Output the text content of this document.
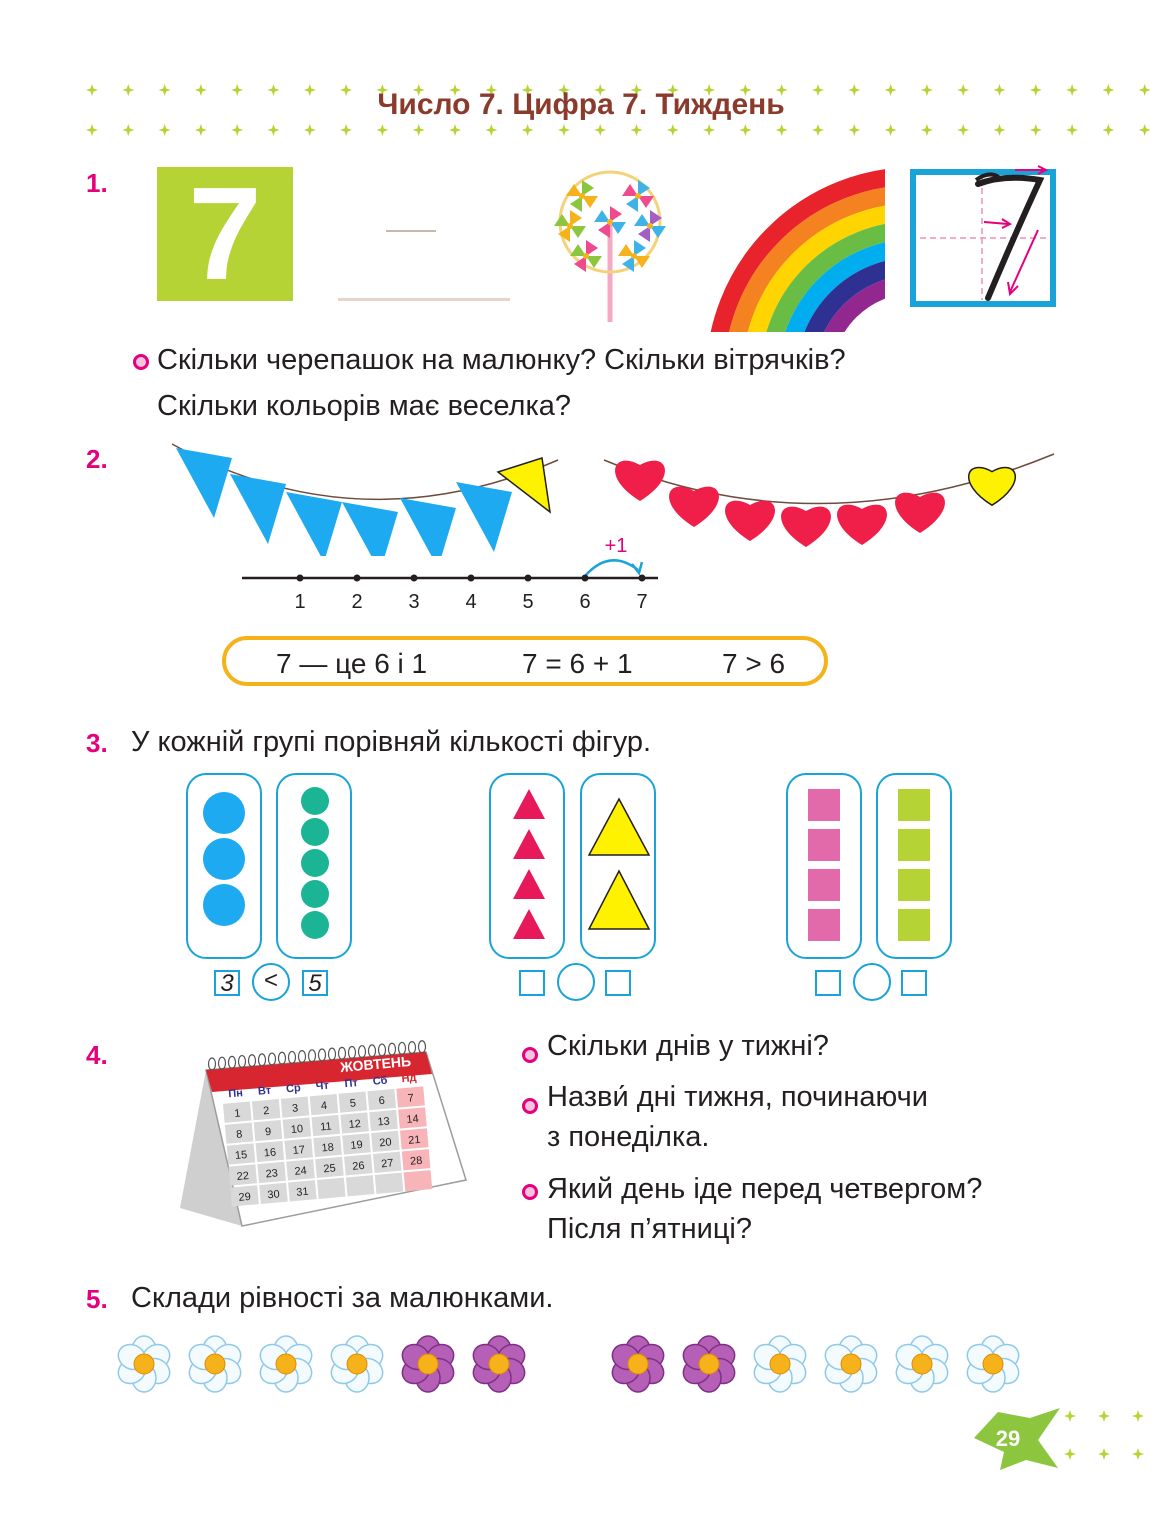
Число 7. Цифра 7. Тиждень
1. 7
Скільки черепашок на малюнку? Скільки вітрячків?
Скільки кольорів має веселка?
2.
+1
1 2 3 4 5 6 7
7 — це 6 і 1	7 = 6 + 1	7 > 6
3. У кожній групі порівняй кількості фігур.
3	<	5
4.	ЖОВТЕНЬ
Пн Вт Ср Чт Пт Сб Нд
1 2 3 4 5 6 7
8 9 10 11 12 13 14
15 16 17 18 19 20 21
22 23 24 25 26 27 28
29 30 31
Скільки днів у тижні?
Назви́ дні тижня, починаючи
з понеділка.
Який день іде перед четвергом?
Після п’ятниці?
5. Склади рівності за малюнками.
29
